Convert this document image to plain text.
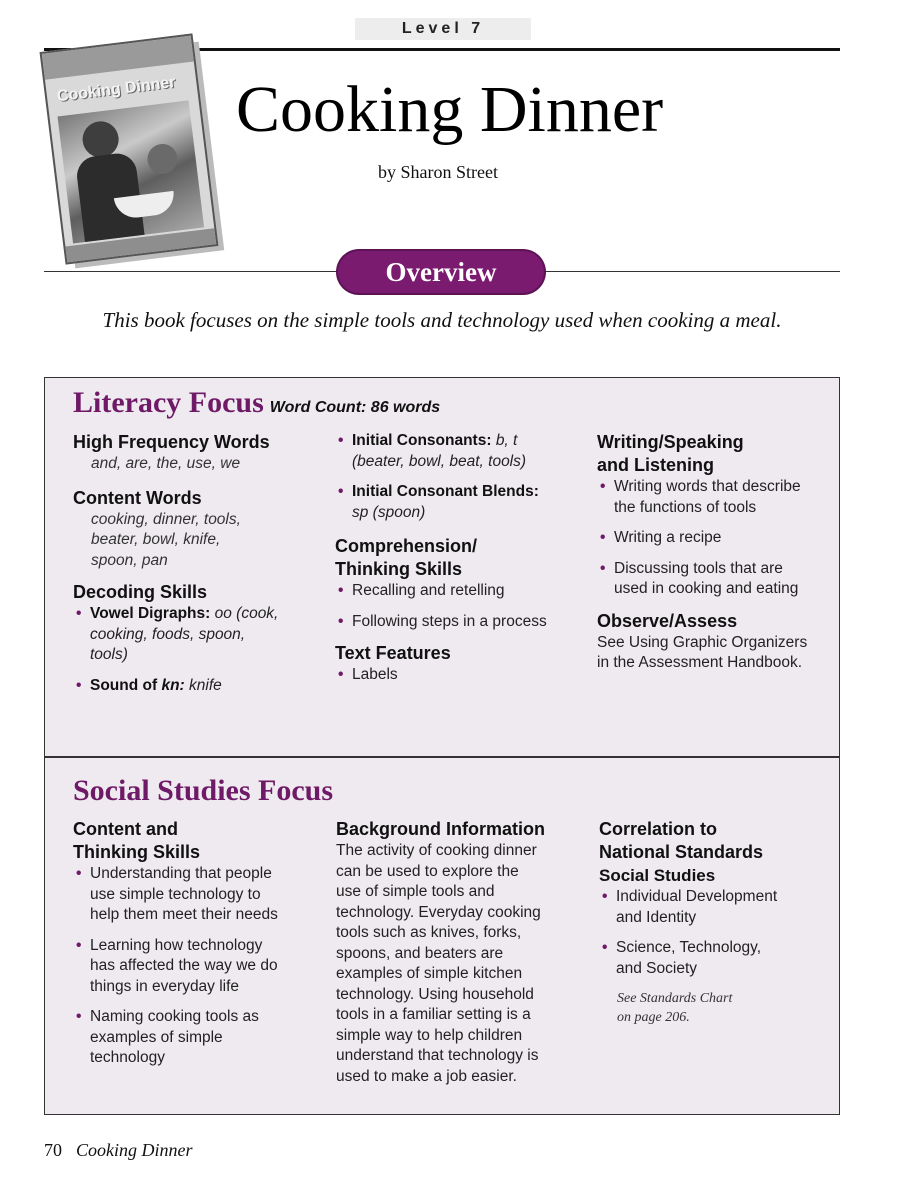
Level 7
Cooking Dinner Cooking Dinner
by Sharon Street
Overview
This book focuses on the simple tools and technology used when cooking a meal.
Literacy Focus Word Count: 86 words
High Frequency Words
and, are, the, use, we
Content Words
cooking, dinner, tools,
beater, bowl, knife,
spoon, pan
Decoding Skills
• Vowel Digraphs: oo (cook,
cooking, foods, spoon,
tools)
• Sound of kn: knife
• Initial Consonants: b, t
(beater, bowl, beat, tools)
• Initial Consonant Blends:
sp (spoon)
Comprehension/
Thinking Skills
• Recalling and retelling
• Following steps in a process
Text Features
• Labels
Writing/Speaking
and Listening
• Writing words that describe
the functions of tools
• Writing a recipe
• Discussing tools that are
used in cooking and eating
Observe/Assess
See Using Graphic Organizers
in the Assessment Handbook.
Social Studies Focus
Content and
Thinking Skills
• Understanding that people
use simple technology to
help them meet their needs
• Learning how technology
has affected the way we do
things in everyday life
• Naming cooking tools as
examples of simple
technology
Background Information
The activity of cooking dinner
can be used to explore the
use of simple tools and
technology. Everyday cooking
tools such as knives, forks,
spoons, and beaters are
examples of simple kitchen
technology. Using household
tools in a familiar setting is a
simple way to help children
understand that technology is
used to make a job easier.
Correlation to
National Standards
Social Studies
• Individual Development
and Identity
• Science, Technology,
and Society
See Standards Chart
on page 206.
70 Cooking Dinner
